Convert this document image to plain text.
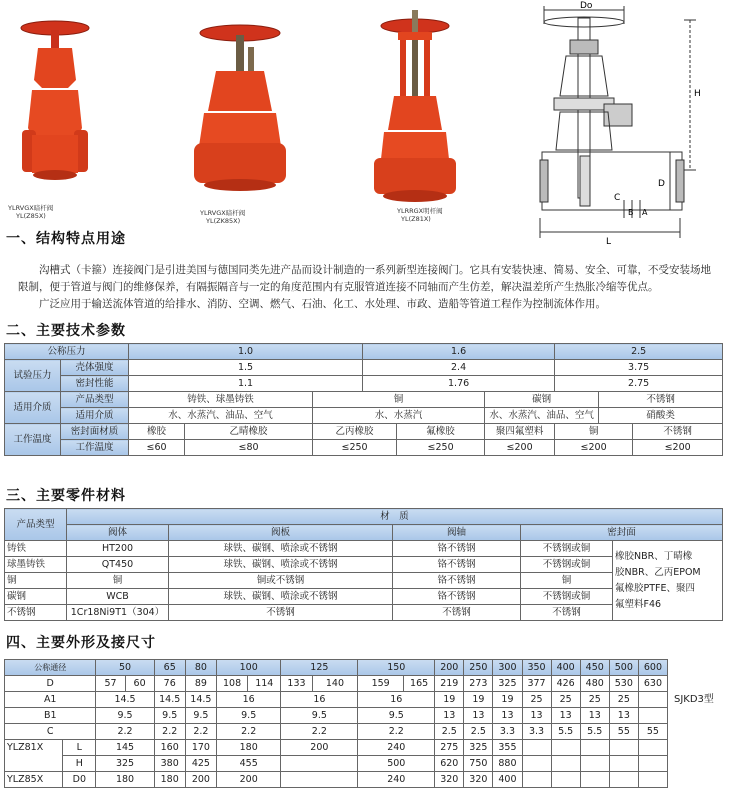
YLRVGX暗杆阀
YL(Z85X)	YLRVGX暗杆阀
YL(ZK85X)
YLRRGX明杆阀
YL(Z81X)
Do
H
D
C
B A
L
一、结构特点用途
沟槽式（卡箍）连接阀门是引进美国与德国同类先进产品而设计制造的一系列新型连接阀门。它具有安装快速、简易、安全、可靠，不受安装场地限制，便于管道与阀门的维修保养，有隔振隔音与一定的角度范围内有克服管道连接不同轴而产生仿差，解决温差所产生热胀冷缩等优点。
广泛应用于输送流体管道的给排水、消防、空调、燃气、石油、化工、水处理、市政、造船等管道工程作为控制流体作用。
二、主要技术参数
公称压力		1.0			1.6			2.5		
试验压力	壳体强度	1.5			2.4			3.75		
	密封性能	1.1			1.76			2.75		
适用介质	产品类型	铸铁、球墨铸铁		铜			碳钢		不锈钢	
	适用介质	水、水蒸汽、油品、空气		水、水蒸汽			水、水蒸汽、油品、空气		硝酸类	
工作温度	密封面材质	橡胶	乙晴橡胶	乙丙橡胶		氟橡胶	聚四氟塑料	铜		不锈钢
	工作温度	≤60	≤80	≤250		≤250	≤200	≤200		≤200
三、主要零件材料
产品类型	材　质				
	阀体	阀板	阀轴	密封面	
铸铁	HT200	球铁、碳钢、喷涂或不锈钢	铬不锈钢	不锈钢或铜	橡胶NBR、丁晴橡
胶NBR、乙丙EPOM
氟橡胶PTFE、聚四
氟塑料F46

球墨铸铁	QT450	球铁、碳钢、喷涂或不锈钢	铬不锈钢	不锈钢或铜	
铜	铜	铜或不锈钢	铬不锈钢	铜	
碳钢	WCB	球铁、碳钢、喷涂或不锈钢	铬不锈钢	不锈钢或铜	
不锈钢	1Cr18Ni9T1（304）	不锈钢	不锈钢	不锈钢	
四、主要外形及接尺寸
公称通径		50		65	80	100		125		150		200	250	300	350	400	450	500	600
D		57	60	76	89	108	114	133	140	159	165	219	273	325	377	426	480	530	630
A1		14.5		14.5	14.5	16		16		16		19	19	19	25	25	25	25	
B1		9.5		9.5	9.5	9.5		9.5		9.5		13	13	13	13	13	13	13	
C		2.2		2.2	2.2	2.2		2.2		2.2		2.5	2.5	3.3	3.3	5.5	5.5	55	55
YLZ81X	L	145		160	170	180		200		240		275	325	355					
	H	325		380	425	455				500		620	750	880					
YLZ85X	D0	180		180	200	200				240		320	320	400					
SJKD3型
